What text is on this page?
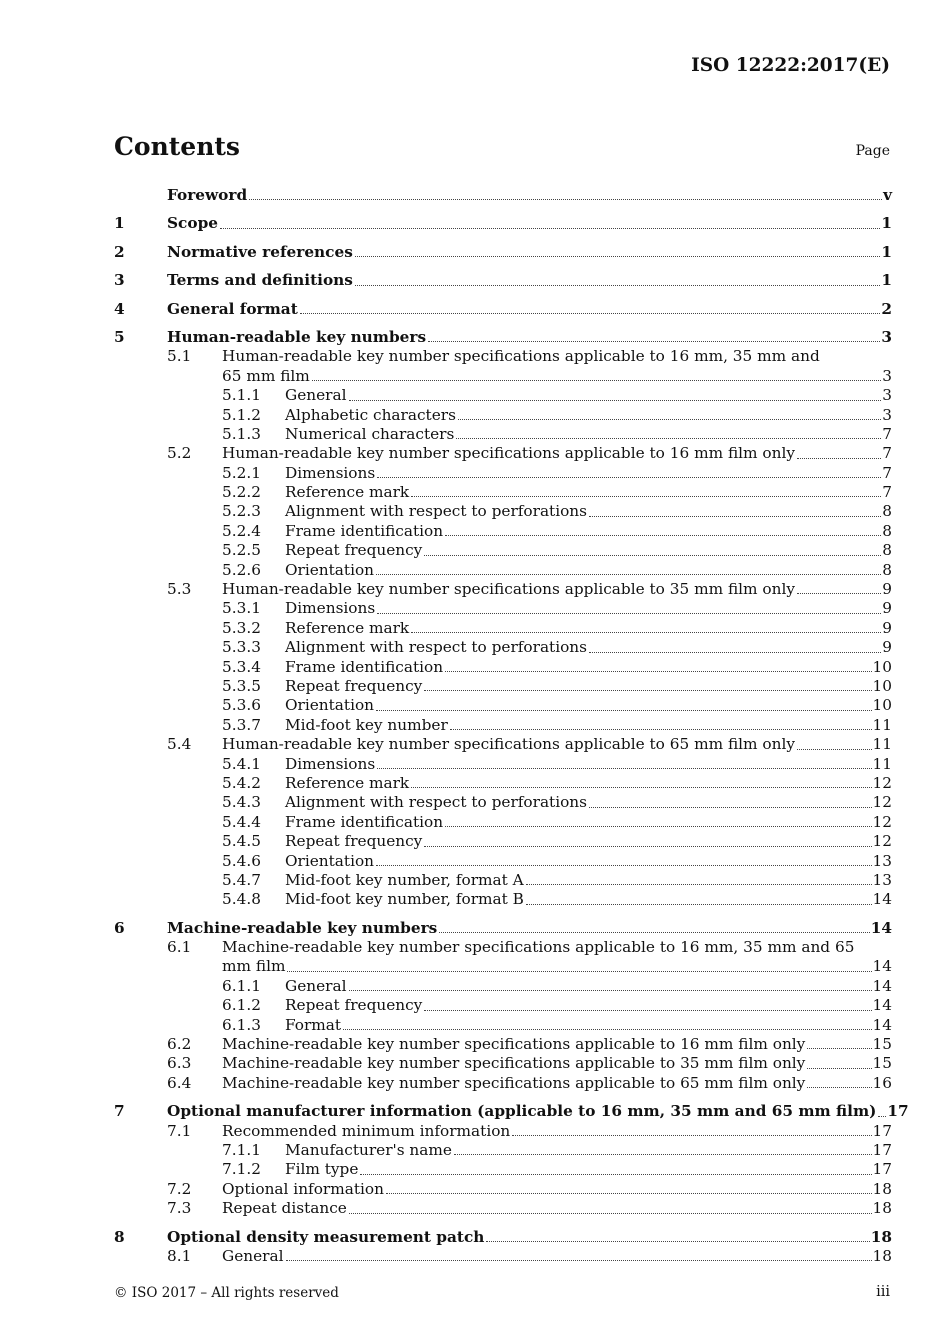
ISO 12222:2017(E)
Contents	Page
Foreword	v
1	Scope	1
2	Normative references	1
3	Terms and definitions	1
4	General format	2
5	Human-readable key numbers	3
5.1	Human-readable key number specifications applicable to 16 mm, 35 mm and
65 mm film	3
5.1.1	General	3
5.1.2	Alphabetic characters	3
5.1.3	Numerical characters	7
5.2	Human-readable key number specifications applicable to 16 mm film only	7
5.2.1	Dimensions	7
5.2.2	Reference mark	7
5.2.3	Alignment with respect to perforations	8
5.2.4	Frame identification	8
5.2.5	Repeat frequency	8
5.2.6	Orientation	8
5.3	Human-readable key number specifications applicable to 35 mm film only	9
5.3.1	Dimensions	9
5.3.2	Reference mark	9
5.3.3	Alignment with respect to perforations	9
5.3.4	Frame identification	10
5.3.5	Repeat frequency	10
5.3.6	Orientation	10
5.3.7	Mid-foot key number	11
5.4	Human-readable key number specifications applicable to 65 mm film only	11
5.4.1	Dimensions	11
5.4.2	Reference mark	12
5.4.3	Alignment with respect to perforations	12
5.4.4	Frame identification	12
5.4.5	Repeat frequency	12
5.4.6	Orientation	13
5.4.7	Mid-foot key number, format A	13
5.4.8	Mid-foot key number, format B	14
6	Machine-readable key numbers	14
6.1	Machine-readable key number specifications applicable to 16 mm, 35 mm and 65
mm film	14
6.1.1	General	14
6.1.2	Repeat frequency	14
6.1.3	Format	14
6.2	Machine-readable key number specifications applicable to 16 mm film only	15
6.3	Machine-readable key number specifications applicable to 35 mm film only	15
6.4	Machine-readable key number specifications applicable to 65 mm film only	16
7	Optional manufacturer information (applicable to 16 mm, 35 mm and 65 mm film) 17
7.1	Recommended minimum information	17
7.1.1	Manufacturer's name	17
7.1.2	Film type	17
7.2	Optional information	18
7.3	Repeat distance	18
8	Optional density measurement patch	18
8.1	General	18
© ISO 2017 – All rights reserved	iii
